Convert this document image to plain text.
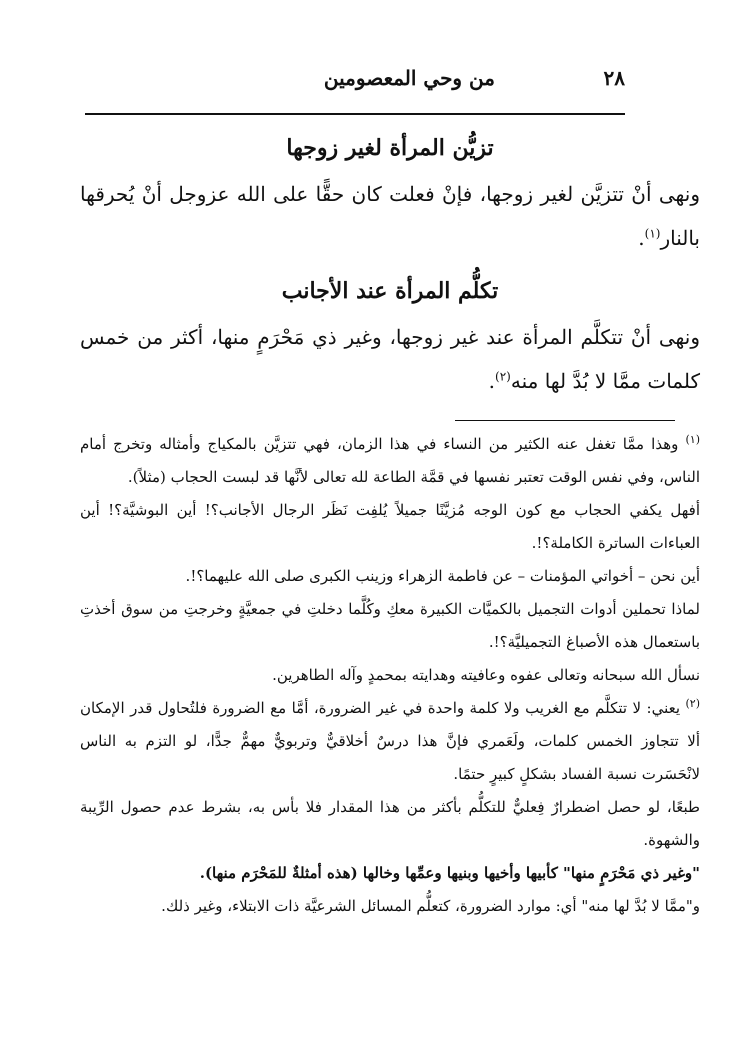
٢٨
من وحي المعصومين
تزيُّن المرأة لغير زوجها

ونهى أنْ تتزيَّن لغير زوجها، فإنْ فعلت كان حقًّا على الله عزوجل أنْ يُحرقها بالنار$^{(١)}$.

تكلُّم المرأة عند الأجانب

ونهى أنْ تتكلَّم المرأة عند غير زوجها، وغير ذي مَحْرَمٍ منها، أكثر من خمس كلمات ممَّا لا بُدَّ لها منه$^{(٢)}$.

$^{(١)}$ وهذا ممَّا تغفل عنه الكثير من النساء في هذا الزمان، فهي تتزيَّن بالمكياج وأمثاله وتخرج أمام الناس، وفي نفس الوقت تعتبر نفسها في قمَّة الطاعة لله تعالى لأنَّها قد لبست الحجاب (مثلاً).

أفهل يكفي الحجاب مع كون الوجه مُزيَّنًا جميلاً يُلفِت نَظَر الرجال الأجانب؟! أين البوشيَّة؟! أين العباءات الساترة الكاملة؟!.

أين نحن – أخواتي المؤمنات – عن فاطمة الزهراء وزينب الكبرى صلى الله عليهما؟!.

لماذا تحملين أدوات التجميل بالكميَّات الكبيرة معكِ وكُلَّما دخلتِ في جمعيَّةٍ وخرجتِ من سوق أخذتِ باستعمال هذه الأصباغ التجميليَّة؟!.

نسأل الله سبحانه وتعالى عفوه وعافيته وهدايته بمحمدٍ وآله الطاهرين.

$^{(٢)}$ يعني: لا تتكلَّم مع الغريب ولا كلمة واحدة في غير الضرورة، أمَّا مع الضرورة فلتُحاول قدر الإمكان ألا تتجاوز الخمس كلمات، ولَعَمري فإنَّ هذا درسٌ أخلاقيٌّ وتربويٌّ مهمٌّ جدًّا، لو التزم به الناس لانْحَسَرت نسبة الفساد بشكلٍ كبيرٍ حتمًا.

طبعًا، لو حصل اضطرارٌ فِعليٌّ للتكلُّم بأكثر من هذا المقدار فلا بأس به، بشرط عدم حصول الرِّيبة والشهوة.

"وغير ذي مَحْرَمٍ منها" كأبيها وأخيها وبنيها وعمِّها وخالها (هذه أمثلةٌ للمَحْرَم منها).

و"ممَّا لا بُدَّ لها منه" أي: موارد الضرورة، كتعلُّم المسائل الشرعيَّة ذات الابتلاء، وغير ذلك.
